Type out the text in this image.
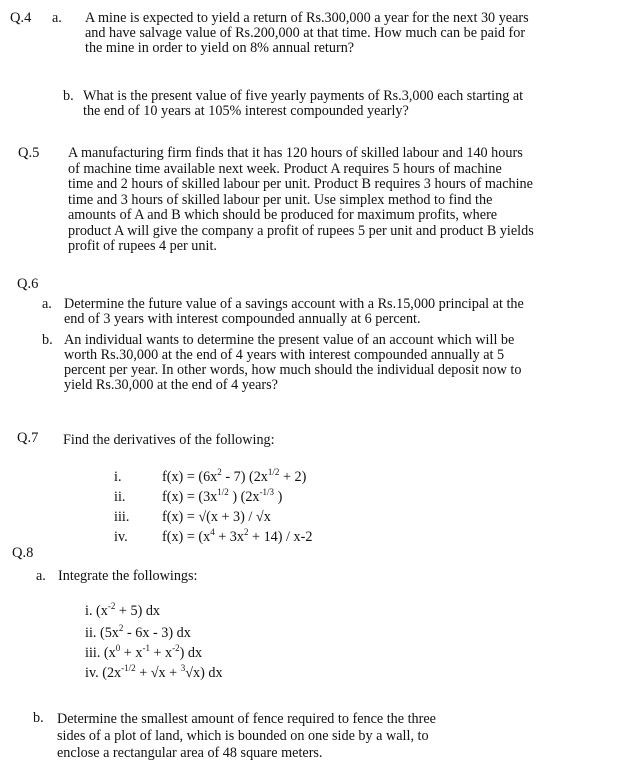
Q.4 a. A mine is expected to yield a return of Rs.300,000 a year for the next 30 years
and have salvage value of Rs.200,000 at that time. How much can be paid for
the mine in order to yield on 8% annual return?
b. What is the present value of five yearly payments of Rs.3,000 each starting at
the end of 10 years at 105% interest compounded yearly?
Q.5 A manufacturing firm finds that it has 120 hours of skilled labour and 140 hours
of machine time available next week. Product A requires 5 hours of machine
time and 2 hours of skilled labour per unit. Product B requires 3 hours of machine
time and 3 hours of skilled labour per unit. Use simplex method to find the
amounts of A and B which should be produced for maximum profits, where
product A will give the company a profit of rupees 5 per unit and product B yields
profit of rupees 4 per unit.
Q.6
a. Determine the future value of a savings account with a Rs.15,000 principal at the
end of 3 years with interest compounded annually at 6 percent.
b. An individual wants to determine the present value of an account which will be
worth Rs.30,000 at the end of 4 years with interest compounded annually at 5
percent per year. In other words, how much should the individual deposit now to
yield Rs.30,000 at the end of 4 years?
Q.7 Find the derivatives of the following:
i.	$f(x) = (6x^2 - 7) (2x^{1/2} + 2)$
ii.	$f(x) = (3x^{1/2}$ ) ($2x^{-1/3}$ )
iii. f(x) = √(x + 3) / √x
iv. $f(x) = (x^4 + 3x^2 + 14) / x-2$
Q.8
a. Integrate the followings:
i. $(x^{-2} + 5)$ dx
ii. $(5x^2 - 6x - 3)$ dx
iii. $(x^0 + x^{-1} + x^{-2})$ dx
iv. $(2x^{-1/2} + √x + ^3√x)$ dx
b. Determine the smallest amount of fence required to fence the three
sides of a plot of land, which is bounded on one side by a wall, to
enclose a rectangular area of 48 square meters.
